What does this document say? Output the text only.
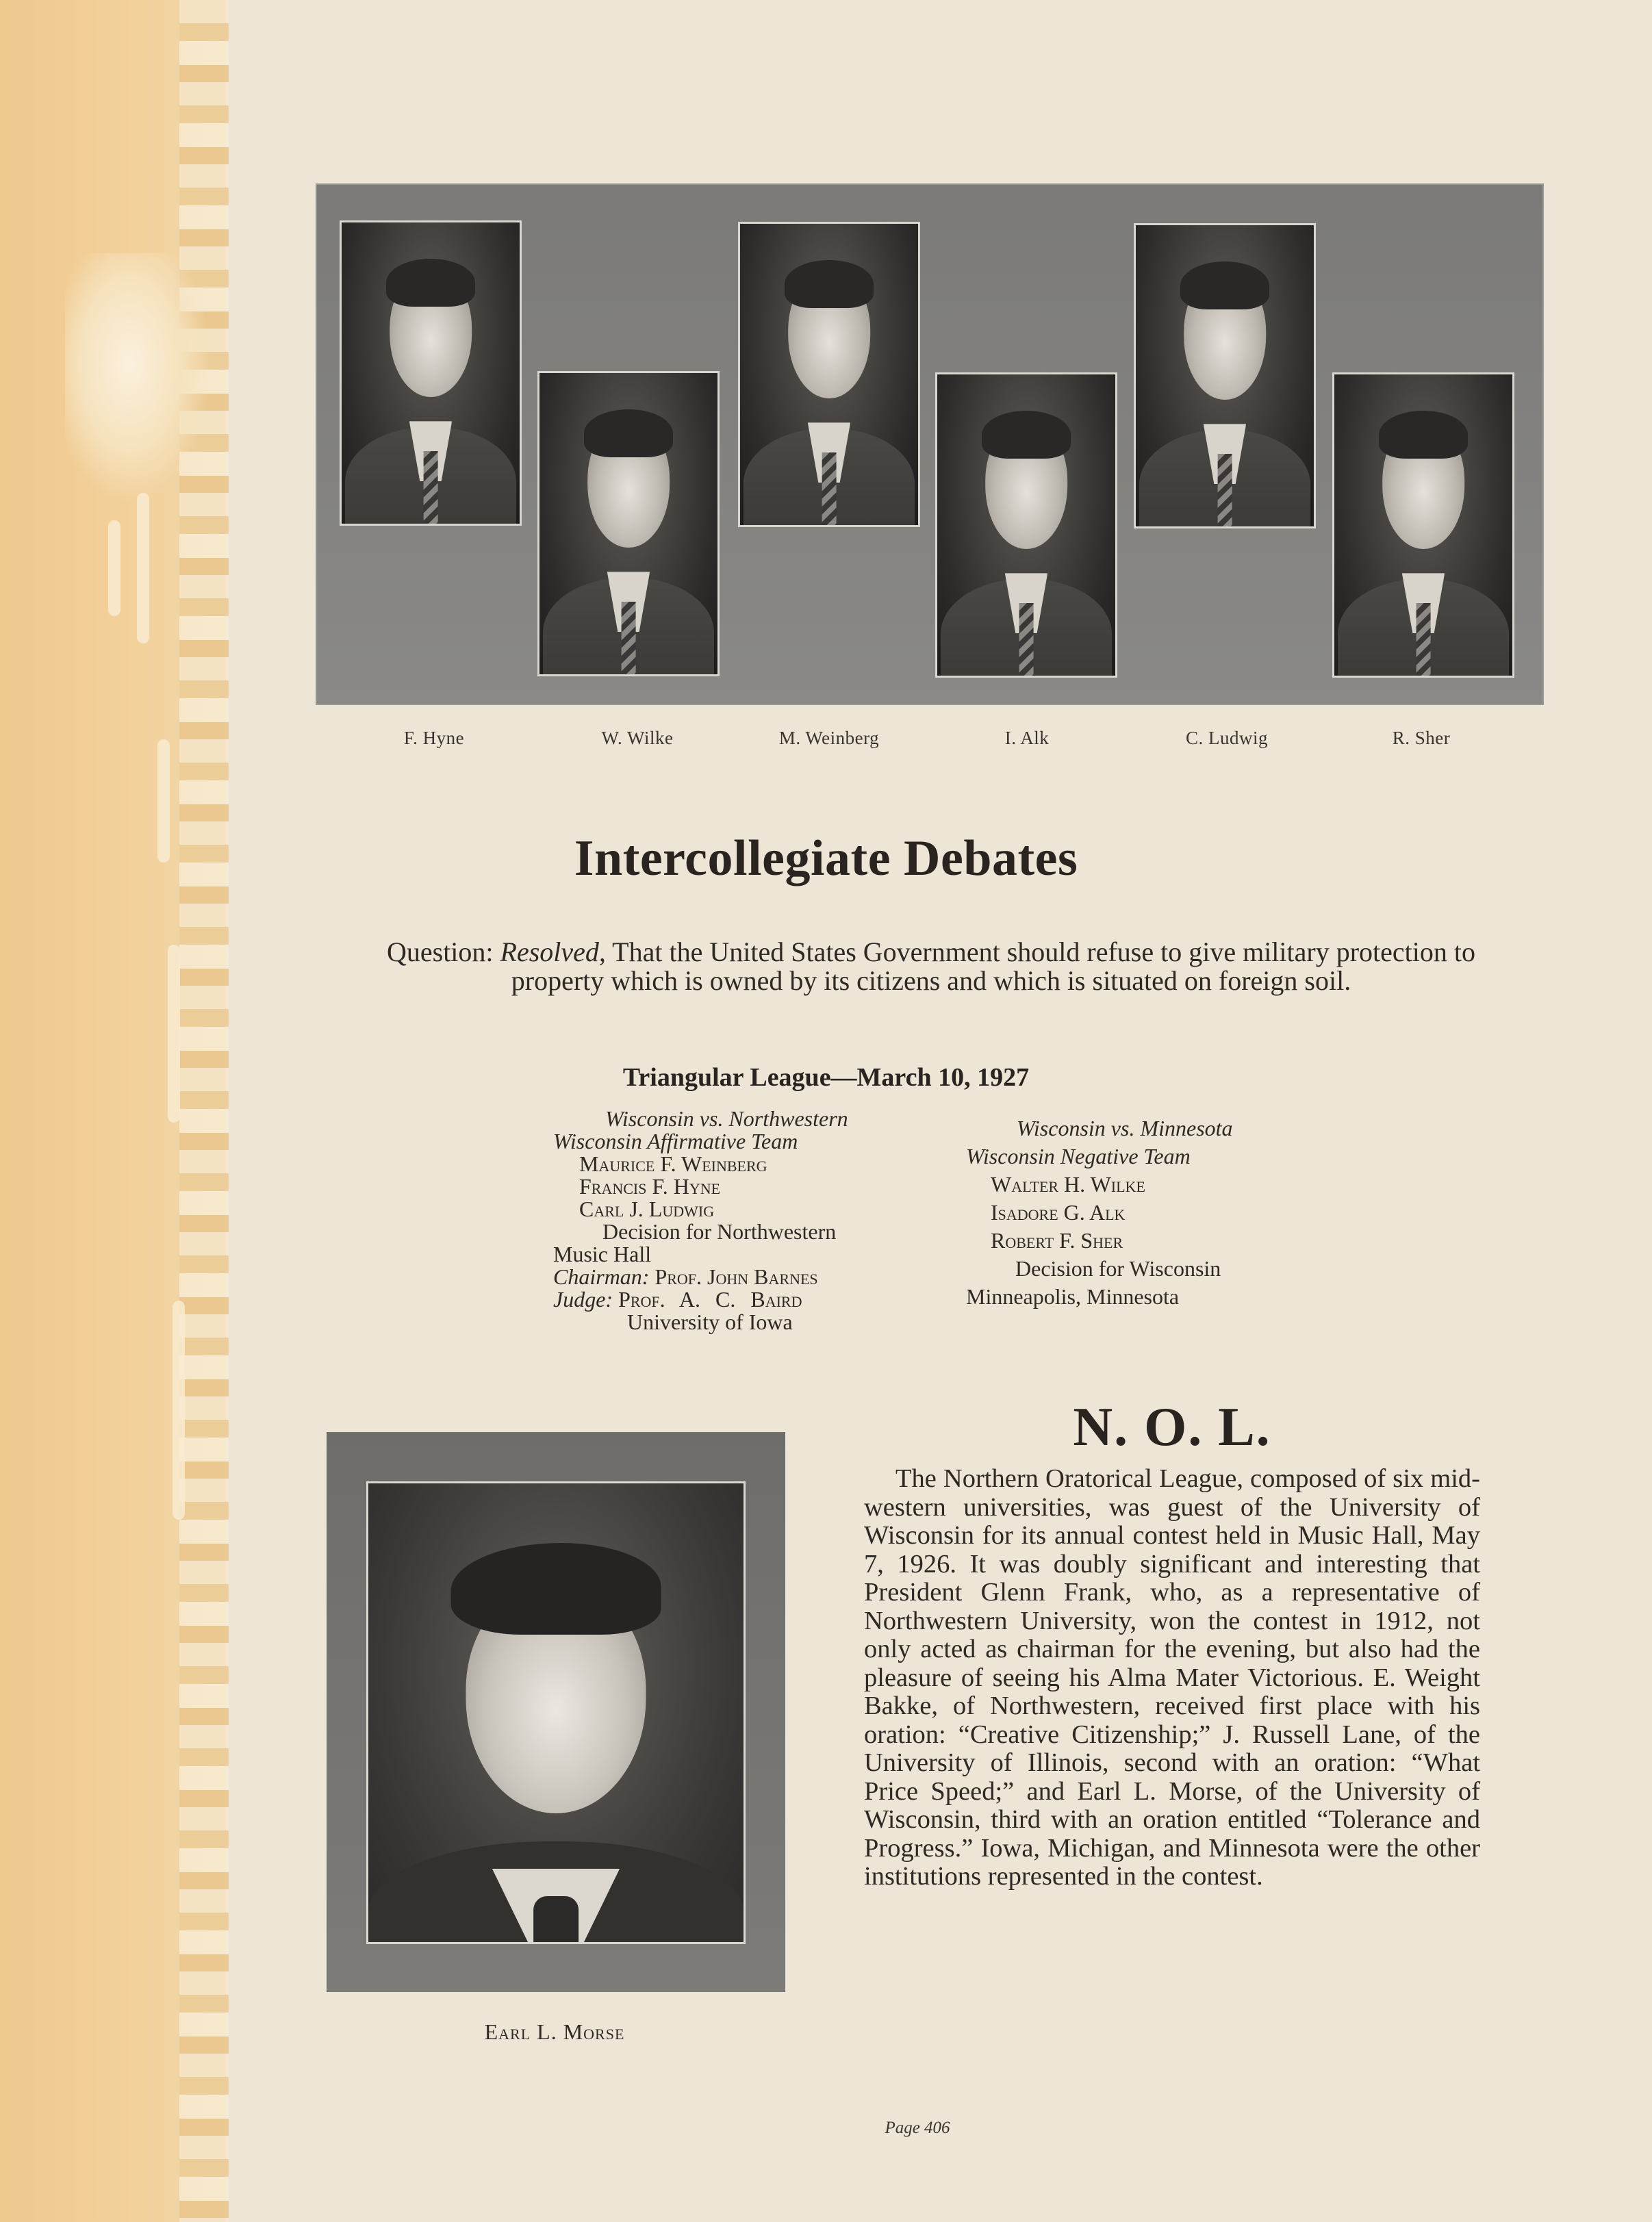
F. Hyne	W. Wilke	M. Weinberg	I. Alk	C. Ludwig	R. Sher
Intercollegiate Debates
Question: Resolved, That the United States Government should refuse to give military protection to property which is owned by its citizens and which is situated on foreign soil.
Triangular League—March 10, 1927
Wisconsin vs. Northwestern
Wisconsin Affirmative Team
Maurice F. Weinberg
Francis F. Hyne
Carl J. Ludwig
Decision for Northwestern
Music Hall
Chairman: Prof. John Barnes
Judge: Prof. A. C. Baird
University of Iowa
Wisconsin vs. Minnesota
Wisconsin Negative Team
Walter H. Wilke
Isadore G. Alk
Robert F. Sher
Decision for Wisconsin
Minneapolis, Minnesota
Earl L. Morse
N. O. L.
The Northern Oratorical League, composed of six mid-western universities, was guest of the University of Wisconsin for its annual contest held in Music Hall, May 7, 1926. It was doubly significant and interesting that President Glenn Frank, who, as a representative of Northwestern University, won the contest in 1912, not only acted as chairman for the evening, but also had the pleasure of seeing his Alma Mater Victorious. E. Weight Bakke, of Northwestern, received first place with his oration: “Creative Citizenship;” J. Russell Lane, of the University of Illinois, second with an oration: “What Price Speed;” and Earl L. Morse, of the University of Wisconsin, third with an oration entitled “Tolerance and Progress.” Iowa, Michigan, and Minnesota were the other institutions represented in the contest.
Page 406
